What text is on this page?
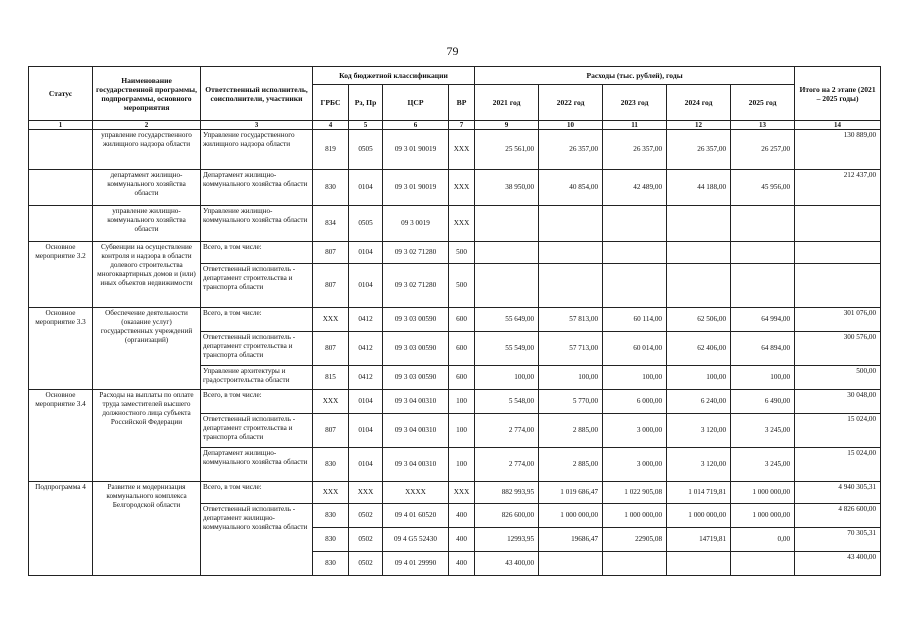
79
Статус	Наименование государственной программы, подпрограммы, основного мероприятия	Ответственный исполнитель, соисполнители, участники	Код бюджетной классификации				Расходы (тыс. рублей), годы					Итого на 2 этапе (2021 – 2025 годы)
			ГРБС	Рз, Пр	ЦСР	ВР	2021 год	2022 год	2023 год	2024 год	2025 год	
1	2	3	4	5	6	7	9	10	11	12	13	14
	управление государственного жилищного надзора области	Управление государственного жилищного надзора области	819	0505	09 3 01 90019	XXX	25 561,00	26 357,00	26 357,00	26 357,00	26 257,00	130 889,00
	департамент жилищно-коммунального хозяйства области	Департамент жилищно-коммунального хозяйства области	830	0104	09 3 01 90019	XXX	38 950,00	40 854,00	42 489,00	44 188,00	45 956,00	212 437,00
	управление жилищно-коммунального хозяйства области	Управление жилищно-коммунального хозяйства области	834	0505	09 3 0019	XXX						
Основное мероприятие 3.2	Субвенции на осуществление контроля и надзора в области долевого строительства многоквартирных домов и (или) иных объектов недвижимости	Всего, в том числе:	807	0104	09 3 02 71280	500						
		Ответственный исполнитель - департамент строительства и транспорта области	807	0104	09 3 02 71280	500						
Основное мероприятие 3.3	Обеспечение деятельности (оказание услуг) государственных учреждений (организаций)	Всего, в том числе:	XXX	0412	09 3 03 00590	600	55 649,00	57 813,00	60 114,00	62 506,00	64 994,00	301 076,00
		Ответственный исполнитель - департамент строительства и транспорта области	807	0412	09 3 03 00590	600	55 549,00	57 713,00	60 014,00	62 406,00	64 894,00	300 576,00
		Управление архитектуры и градостроительства области	815	0412	09 3 03 00590	600	100,00	100,00	100,00	100,00	100,00	500,00
Основное мероприятие 3.4	Расходы на выплаты по оплате труда заместителей высшего должностного лица субъекта Российской Федерации	Всего, в том числе:	XXX	0104	09 3 04 00310	100	5 548,00	5 770,00	6 000,00	6 240,00	6 490,00	30 048,00
		Ответственный исполнитель - департамент строительства и транспорта области	807	0104	09 3 04 00310	100	2 774,00	2 885,00	3 000,00	3 120,00	3 245,00	15 024,00
		Департамент жилищно-коммунального хозяйства области	830	0104	09 3 04 00310	100	2 774,00	2 885,00	3 000,00	3 120,00	3 245,00	15 024,00
Подпрограмма 4	Развитие и модернизация коммунального комплекса Белгородской области	Всего, в том числе:	XXX	XXX	XXXX	XXX	882 993,95	1 019 686,47	1 022 905,08	1 014 719,81	1 000 000,00	4 940 305,31
		Ответственный исполнитель - департамент жилищно-коммунального хозяйства области	830	0502	09 4 01 60520	400	826 600,00	1 000 000,00	1 000 000,00	1 000 000,00	1 000 000,00	4 826 600,00
			830	0502	09 4 G5 52430	400	12993,95	19686,47	22905,08	14719,81	0,00	70 305,31
			830	0502	09 4 01 29990	400	43 400,00					43 400,00
